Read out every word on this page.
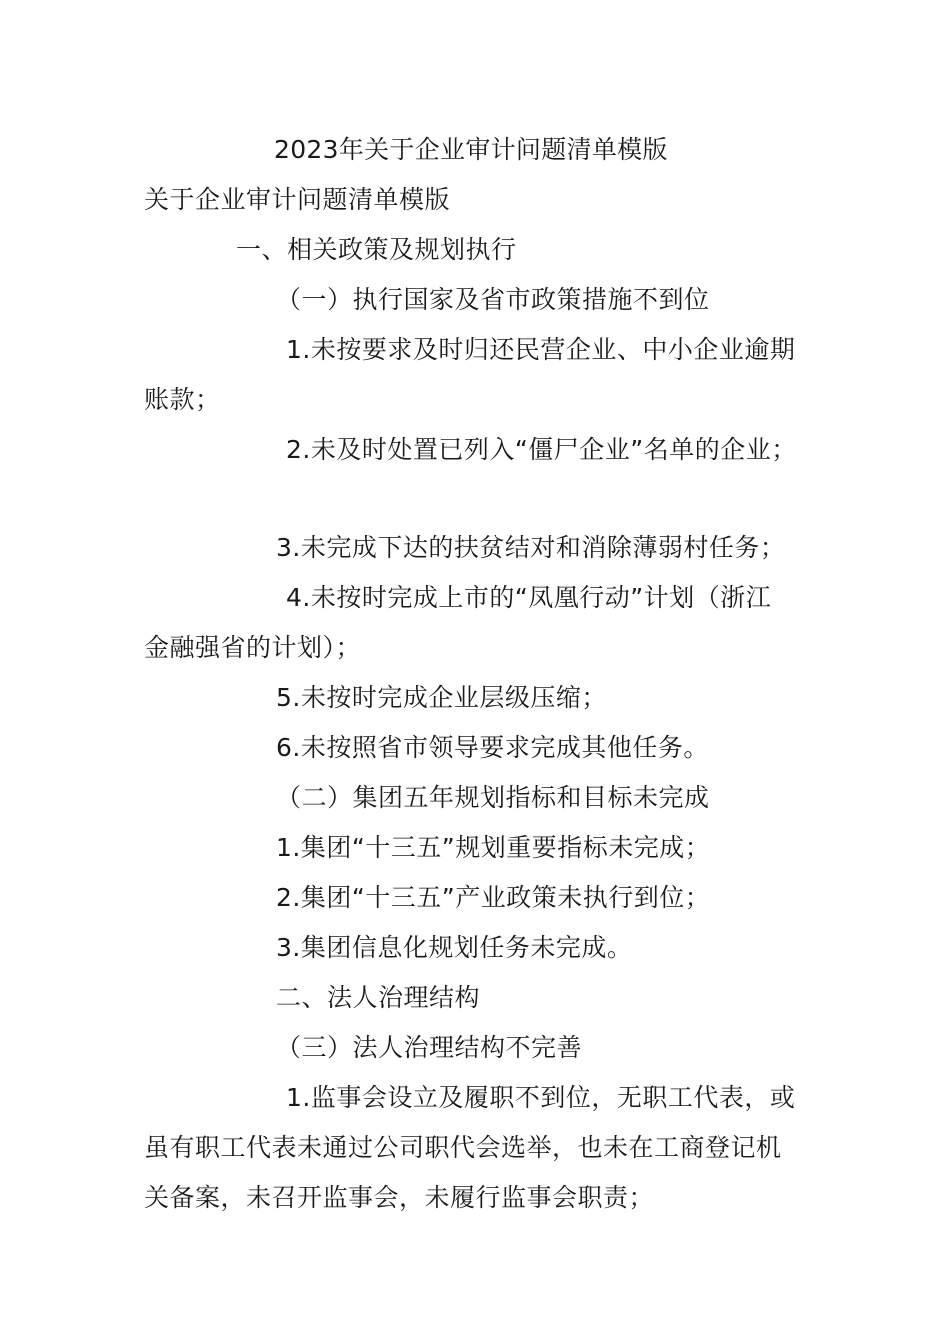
2023年关于企业审计问题清单模版
关于企业审计问题清单模版
一、相关政策及规划执行
（一）执行国家及省市政策措施不到位
1.未按要求及时归还民营企业、中小企业逾期
账款；
2.未及时处置已列入“僵尸企业”名单的企业；
3.未完成下达的扶贫结对和消除薄弱村任务；
4.未按时完成上市的“凤凰行动”计划（浙江
金融强省的计划）；
5.未按时完成企业层级压缩；
6.未按照省市领导要求完成其他任务。
（二）集团五年规划指标和目标未完成
1.集团“十三五”规划重要指标未完成；
2.集团“十三五”产业政策未执行到位；
3.集团信息化规划任务未完成。
二、法人治理结构
（三）法人治理结构不完善
1.监事会设立及履职不到位，无职工代表，或
虽有职工代表未通过公司职代会选举，也未在工商登记机
关备案，未召开监事会，未履行监事会职责；
